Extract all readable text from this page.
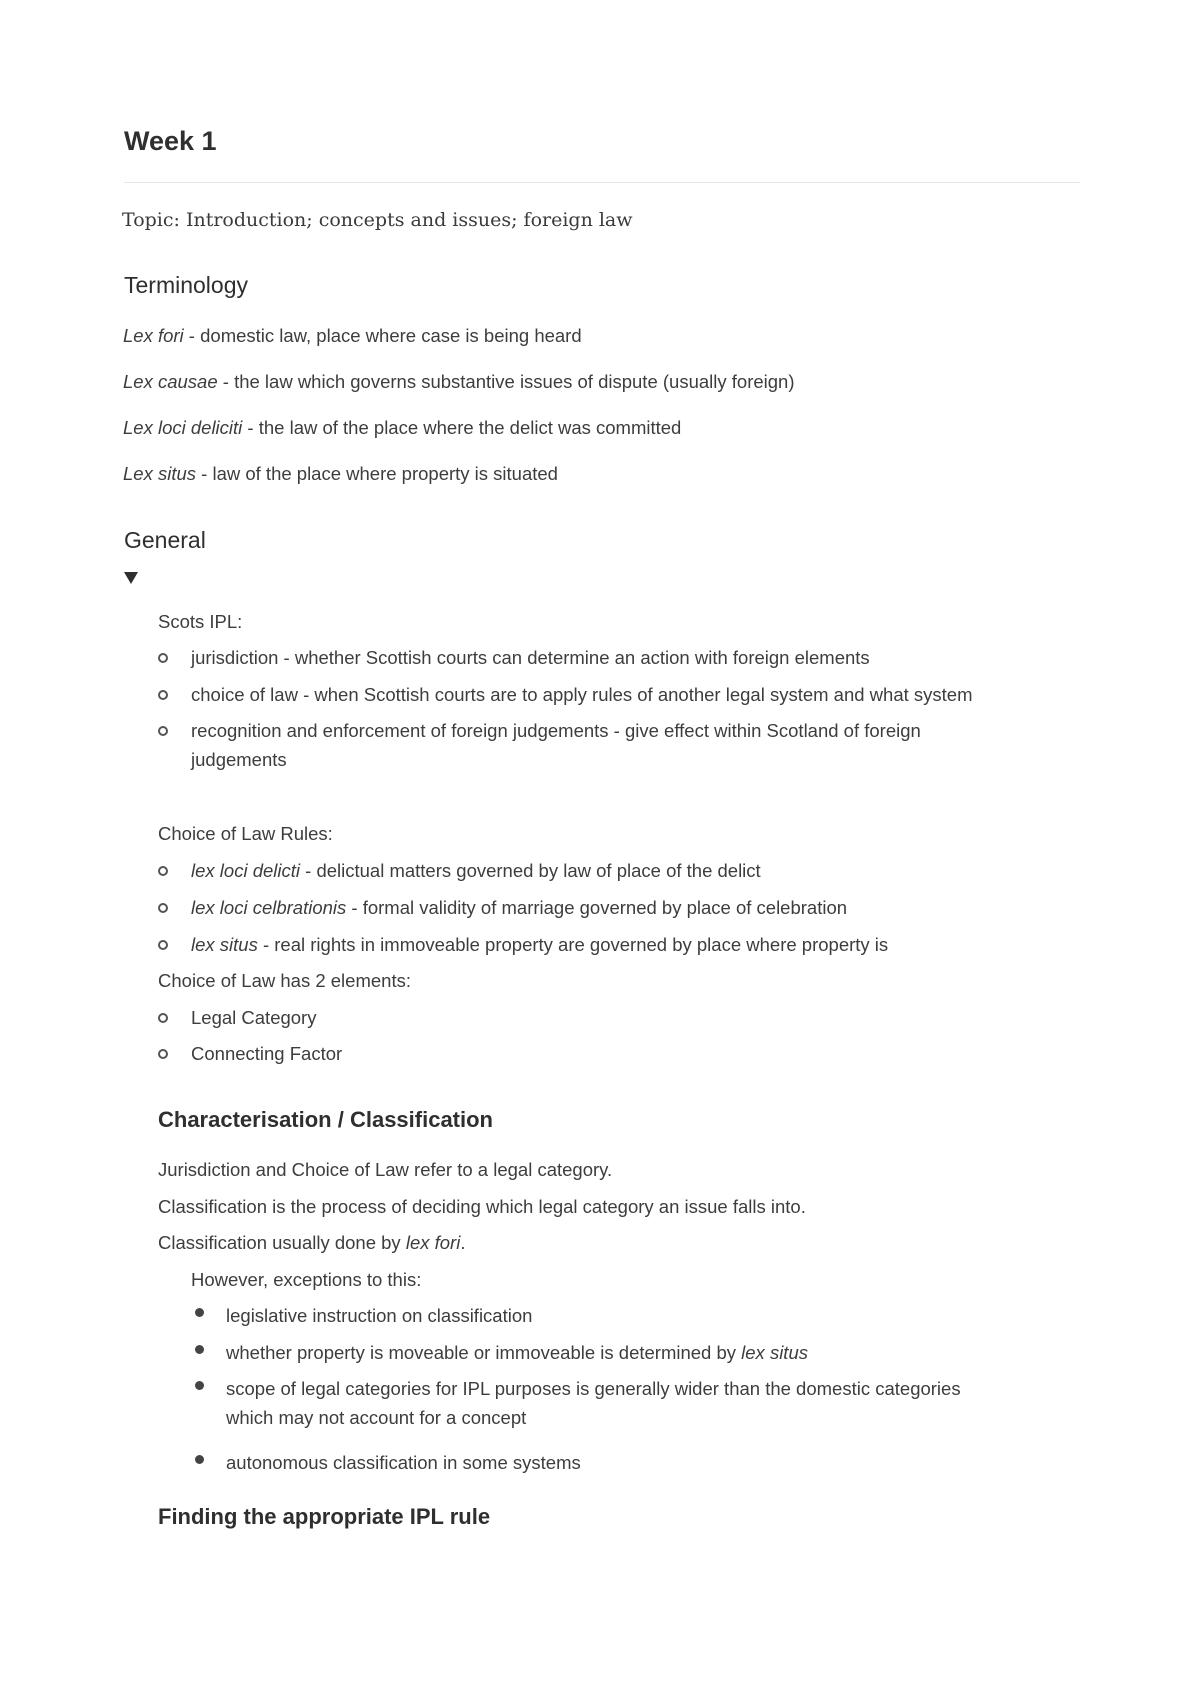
Week 1
Topic: Introduction; concepts and issues; foreign law
Terminology
Lex fori - domestic law, place where case is being heard
Lex causae - the law which governs substantive issues of dispute (usually foreign)
Lex loci deliciti - the law of the place where the delict was committed
Lex situs - law of the place where property is situated
General
Scots IPL:
jurisdiction - whether Scottish courts can determine an action with foreign elements
choice of law - when Scottish courts are to apply rules of another legal system and what system
recognition and enforcement of foreign judgements - give effect within Scotland of foreign
judgements
Choice of Law Rules:
lex loci delicti - delictual matters governed by law of place of the delict
lex loci celbrationis - formal validity of marriage governed by place of celebration
lex situs - real rights in immoveable property are governed by place where property is
Choice of Law has 2 elements:
Legal Category
Connecting Factor
Characterisation / Classification
Jurisdiction and Choice of Law refer to a legal category.
Classification is the process of deciding which legal category an issue falls into.
Classification usually done by lex fori.
However, exceptions to this:
legislative instruction on classification
whether property is moveable or immoveable is determined by lex situs
scope of legal categories for IPL purposes is generally wider than the domestic categories
which may not account for a concept
autonomous classification in some systems
Finding the appropriate IPL rule
